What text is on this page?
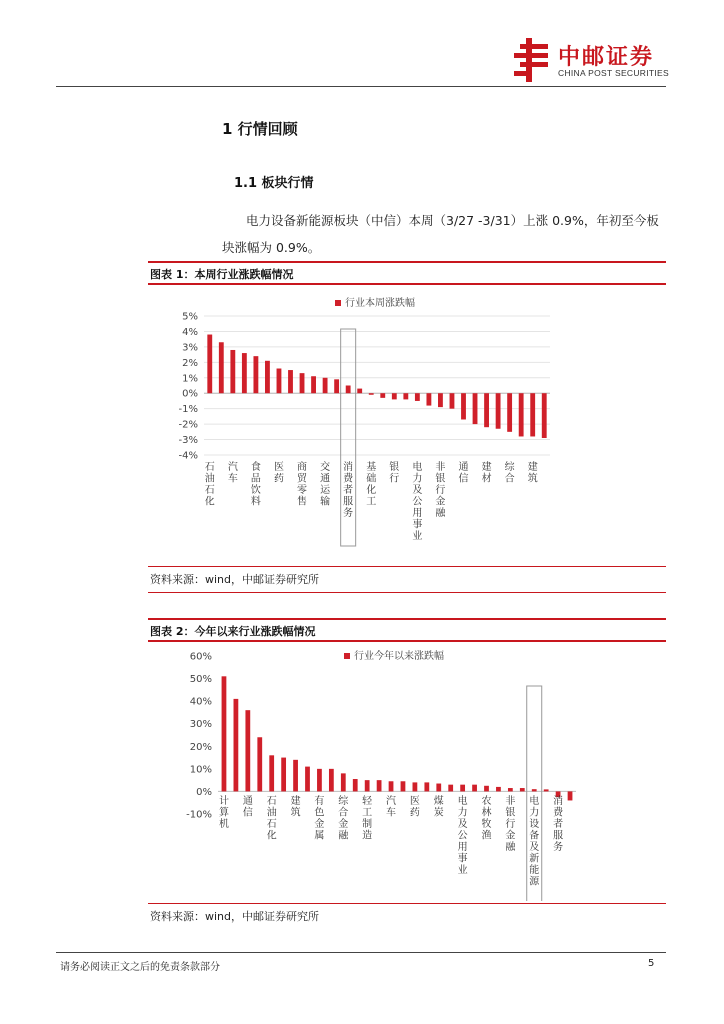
中邮证券
CHINA POST SECURITIES
1 行情回顾
1.1 板块行情
电力设备新能源板块（中信）本周（3/27 -3/31）上涨 0.9%，年初至今板
块涨幅为 0.9%。
图表 1：本周行业涨跌幅情况
5%
4%
3%
2%
1%
0%
-1%
-2%
-3%
-4%
石油石化
汽车
食品饮料
医药
商贸零售
交通运输
消费者服务
基础化工
银行
电力及公用事业
非银行金融
通信
建材
综合
建筑
行业本周涨跌幅
资料来源：wind，中邮证券研究所
图表 2：今年以来行业涨跌幅情况
60%
50%
40%
30%
20%
10%
0%
-10%
计算机
通信
石油石化
建筑
有色金属
综合金融
轻工制造
汽车
医药
煤炭
电力及公用事业
农林牧渔
非银行金融
电力设备及新能源
消费者服务
行业今年以来涨跌幅
资料来源：wind，中邮证券研究所
请务必阅读正文之后的免责条款部分	5
